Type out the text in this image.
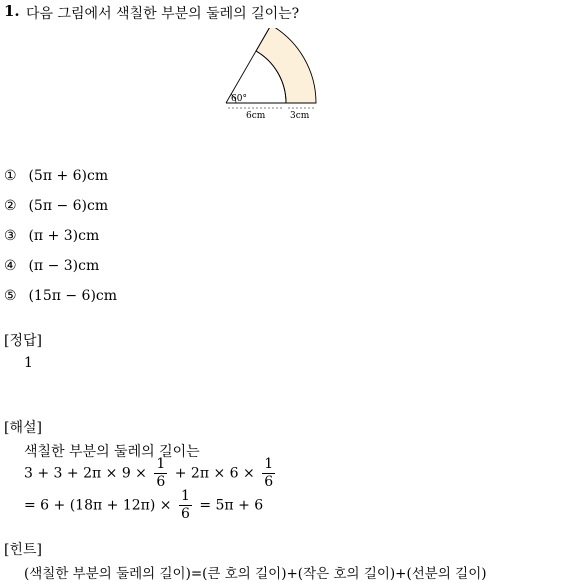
1. 다음 그림에서 색칠한 부분의 둘레의 길이는?
60°
6cm	3cm
① (5π + 6)cm
② (5π − 6)cm
③ (π + 3)cm
④ (π − 3)cm
⑤ (15π − 6)cm
[정답]
1
[해설]
색칠한 부분의 둘레의 길이는
$3 + 3 + 2\pi \times 9 \times \frac{1}{6} + 2\pi \times 6 \times \frac{1}{6}$
= $6 + (18\pi + 12\pi) \times \frac{1}{6} = 5\pi + 6$
[힌트]
(색칠한 부분의 둘레의 길이)=(큰 호의 길이)+(작은 호의 길이)+(선분의 길이)
